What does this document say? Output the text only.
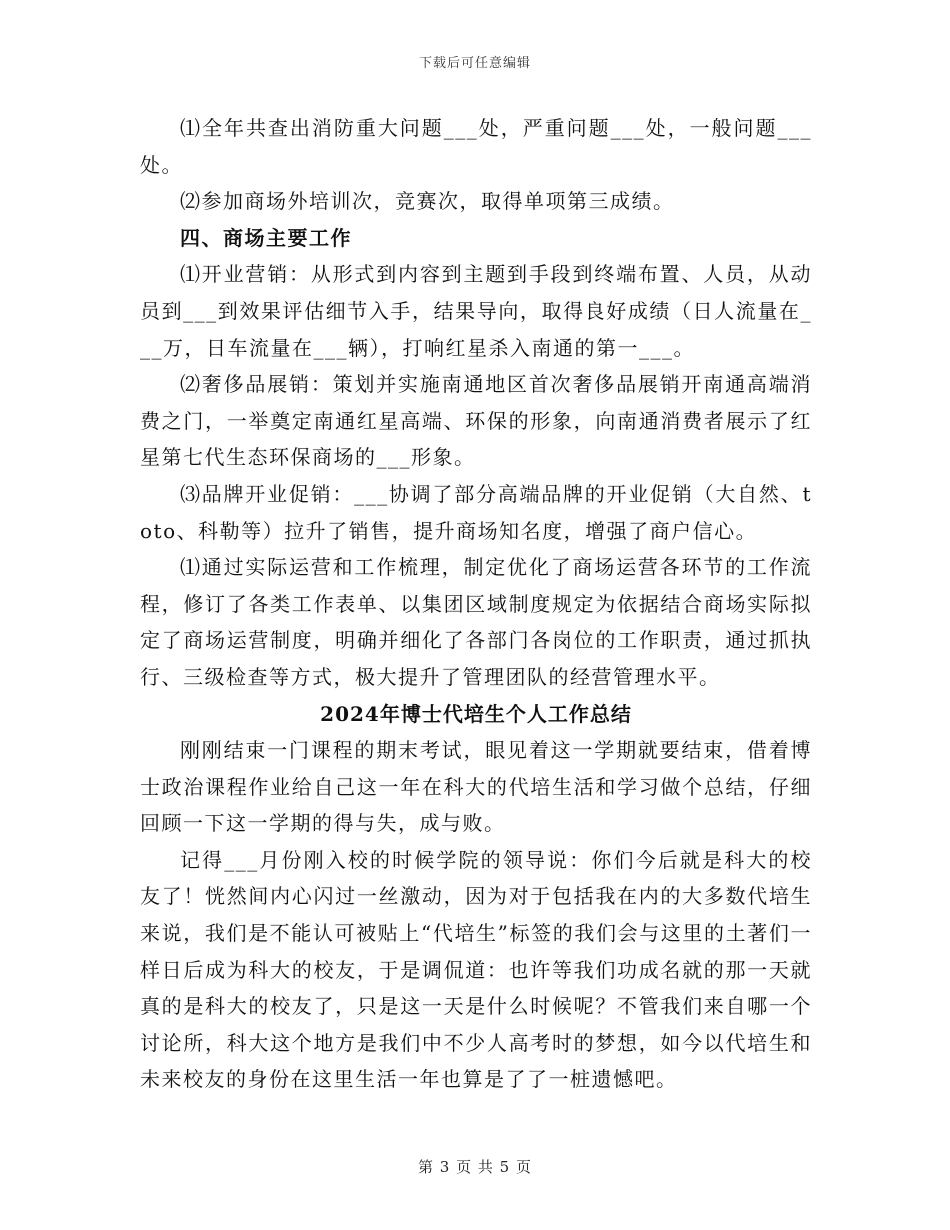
下载后可任意编辑

⑴全年共查出消防重大问题___处，严重问题___处，一般问题___处。

⑵参加商场外培训次，竞赛次，取得单项第三成绩。

四、商场主要工作

⑴开业营销：从形式到内容到主题到手段到终端布置、人员，从动员到___到效果评估细节入手，结果导向，取得良好成绩（日人流量在___万，日车流量在___辆），打响红星杀入南通的第一___。

⑵奢侈品展销：策划并实施南通地区首次奢侈品展销开南通高端消费之门，一举奠定南通红星高端、环保的形象，向南通消费者展示了红星第七代生态环保商场的___形象。

⑶品牌开业促销：___协调了部分高端品牌的开业促销（大自然、toto、科勒等）拉升了销售，提升商场知名度，增强了商户信心。

⑴通过实际运营和工作梳理，制定优化了商场运营各环节的工作流程，修订了各类工作表单、以集团区域制度规定为依据结合商场实际拟定了商场运营制度，明确并细化了各部门各岗位的工作职责，通过抓执行、三级检查等方式，极大提升了管理团队的经营管理水平。

2024年博士代培生个人工作总结

刚刚结束一门课程的期末考试，眼见着这一学期就要结束，借着博士政治课程作业给自己这一年在科大的代培生活和学习做个总结，仔细回顾一下这一学期的得与失，成与败。

记得___月份刚入校的时候学院的领导说：你们今后就是科大的校友了！恍然间内心闪过一丝激动，因为对于包括我在内的大多数代培生来说，我们是不能认可被贴上“代培生”标签的我们会与这里的土著们一样日后成为科大的校友，于是调侃道：也许等我们功成名就的那一天就真的是科大的校友了，只是这一天是什么时候呢？不管我们来自哪一个讨论所，科大这个地方是我们中不少人高考时的梦想，如今以代培生和未来校友的身份在这里生活一年也算是了了一桩遗憾吧。

第 3 页 共 5 页
